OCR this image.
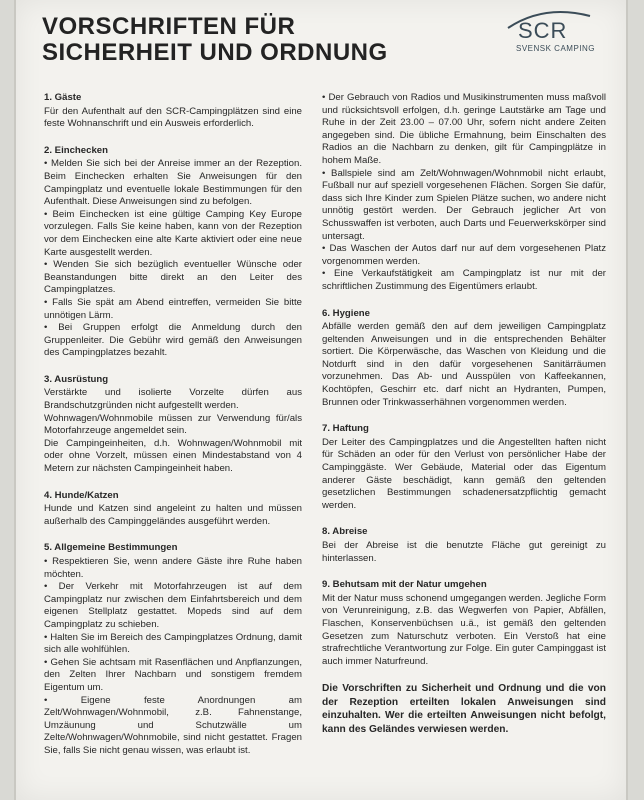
VORSCHRIFTEN FÜR
SICHERHEIT UND ORDNUNG
SCR
SVENSK CAMPING
1. Gäste

Für den Aufenthalt auf den SCR-Campingplätzen sind eine feste Wohnanschrift und ein Ausweis erforderlich.

2. Einchecken

• Melden Sie sich bei der Anreise immer an der Rezeption. Beim Einchecken erhalten Sie Anweisungen für den Campingplatz und eventuelle lokale Bestimmungen für den Aufenthalt. Diese Anweisungen sind zu befolgen.

• Beim Einchecken ist eine gültige Camping Key Europe vorzulegen. Falls Sie keine haben, kann von der Rezeption vor dem Einchecken eine alte Karte aktiviert oder eine neue Karte ausgestellt werden.

• Wenden Sie sich bezüglich eventueller Wünsche oder Beanstandungen bitte direkt an den Leiter des Campingplatzes.

• Falls Sie spät am Abend eintreffen, vermeiden Sie bitte unnötigen Lärm.

• Bei Gruppen erfolgt die Anmeldung durch den Gruppenleiter. Die Gebühr wird gemäß den Anweisungen des Campingplatzes bezahlt.

3. Ausrüstung

Verstärkte und isolierte Vorzelte dürfen aus Brandschutzgründen nicht aufgestellt werden.

Wohnwagen/Wohnmobile müssen zur Verwendung für/als Motorfahrzeuge angemeldet sein.

Die Campingeinheiten, d.h. Wohnwagen/Wohnmobil mit oder ohne Vorzelt, müssen einen Mindestabstand von 4 Metern zur nächsten Campingeinheit haben.

4. Hunde/Katzen

Hunde und Katzen sind angeleint zu halten und müssen außerhalb des Campinggeländes ausgeführt werden.

5. Allgemeine Bestimmungen

• Respektieren Sie, wenn andere Gäste ihre Ruhe haben möchten.

• Der Verkehr mit Motorfahrzeugen ist auf dem Campingplatz nur zwischen dem Einfahrtsbereich und dem eigenen Stellplatz gestattet. Mopeds sind auf dem Campingplatz zu schieben.

• Halten Sie im Bereich des Campingplatzes Ordnung, damit sich alle wohlfühlen.

• Gehen Sie achtsam mit Rasenflächen und Anpflanzungen, den Zelten Ihrer Nachbarn und sonstigem fremdem Eigentum um.

• Eigene feste Anordnungen am Zelt/Wohnwagen/Wohnmobil, z.B. Fahnenstange, Umzäunung und Schutzwälle um Zelte/Wohnwagen/Wohnmobile, sind nicht gestattet. Fragen Sie, falls Sie nicht genau wissen, was erlaubt ist.

• Der Gebrauch von Radios und Musikinstrumenten muss maßvoll und rücksichtsvoll erfolgen, d.h. geringe Lautstärke am Tage und Ruhe in der Zeit 23.00 – 07.00 Uhr, sofern nicht andere Zeiten angegeben sind. Die übliche Ermahnung, beim Einschalten des Radios an die Nachbarn zu denken, gilt für Campingplätze in hohem Maße.

• Ballspiele sind am Zelt/Wohnwagen/Wohnmobil nicht erlaubt, Fußball nur auf speziell vorgesehenen Flächen. Sorgen Sie dafür, dass sich Ihre Kinder zum Spielen Plätze suchen, wo andere nicht unnötig gestört werden. Der Gebrauch jeglicher Art von Schusswaffen ist verboten, auch Darts und Feuerwerkskörper sind untersagt.

• Das Waschen der Autos darf nur auf dem vorgesehenen Platz vorgenommen werden.

• Eine Verkaufstätigkeit am Campingplatz ist nur mit der schriftlichen Zustimmung des Eigentümers erlaubt.

6. Hygiene

Abfälle werden gemäß den auf dem jeweiligen Campingplatz geltenden Anweisungen und in die entsprechenden Behälter sortiert. Die Körperwäsche, das Waschen von Kleidung und die Notdurft sind in den dafür vorgesehenen Sanitärräumen vorzunehmen. Das Ab- und Ausspülen von Kaffeekannen, Kochtöpfen, Geschirr etc. darf nicht an Hydranten, Pumpen, Brunnen oder Trinkwasserhähnen vorgenommen werden.

7. Haftung

Der Leiter des Campingplatzes und die Angestellten haften nicht für Schäden an oder für den Verlust von persönlicher Habe der Campinggäste. Wer Gebäude, Material oder das Eigentum anderer Gäste beschädigt, kann gemäß den geltenden gesetzlichen Bestimmungen schadenersatzpflichtig gemacht werden.

8. Abreise

Bei der Abreise ist die benutzte Fläche gut gereinigt zu hinterlassen.

9. Behutsam mit der Natur umgehen

Mit der Natur muss schonend umgegangen werden. Jegliche Form von Verunreinigung, z.B. das Wegwerfen von Papier, Abfällen, Flaschen, Konservenbüchsen u.ä., ist gemäß den geltenden Gesetzen zum Naturschutz verboten. Ein Verstoß hat eine strafrechtliche Verantwortung zur Folge. Ein guter Campinggast ist auch immer Naturfreund.

Die Vorschriften zu Sicherheit und Ordnung und die von der Rezeption erteilten lokalen Anweisungen sind einzuhalten. Wer die erteilten Anweisungen nicht befolgt, kann des Geländes verwiesen werden.
